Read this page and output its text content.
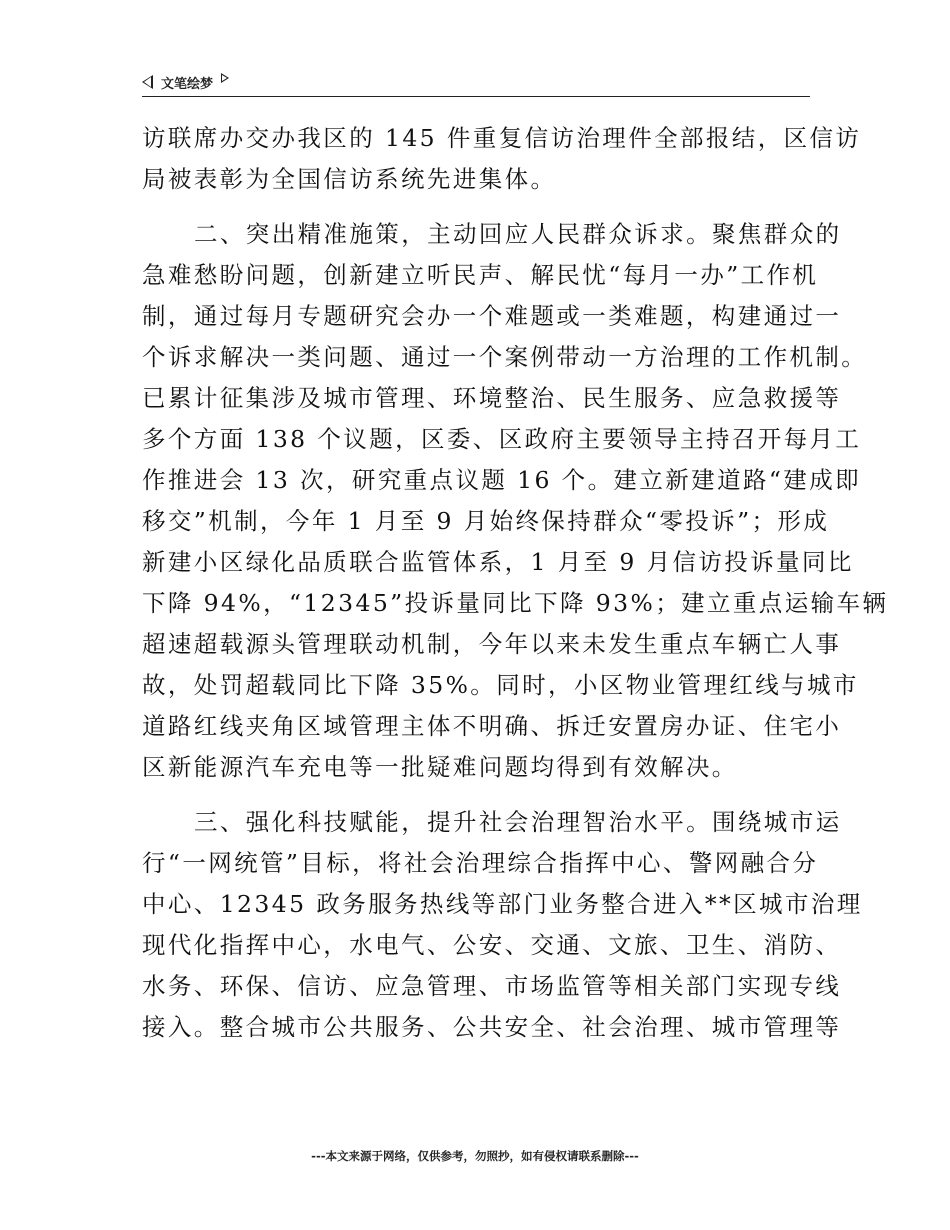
文笔绘梦

访联席办交办我区的 145 件重复信访治理件全部报结，区信访

局被表彰为全国信访系统先进集体。

二、突出精准施策，主动回应人民群众诉求。聚焦群众的

急难愁盼问题，创新建立听民声、解民忧“每月一办”工作机

制，通过每月专题研究会办一个难题或一类难题，构建通过一

个诉求解决一类问题、通过一个案例带动一方治理的工作机制。

已累计征集涉及城市管理、环境整治、民生服务、应急救援等

多个方面 138 个议题，区委、区政府主要领导主持召开每月工

作推进会 13 次，研究重点议题 16 个。建立新建道路“建成即

移交”机制，今年 1 月至 9 月始终保持群众“零投诉”；形成

新建小区绿化品质联合监管体系，1 月至 9 月信访投诉量同比

下降 94%，“12345”投诉量同比下降 93%；建立重点运输车辆

超速超载源头管理联动机制，今年以来未发生重点车辆亡人事

故，处罚超载同比下降 35%。同时，小区物业管理红线与城市

道路红线夹角区域管理主体不明确、拆迁安置房办证、住宅小

区新能源汽车充电等一批疑难问题均得到有效解决。

三、强化科技赋能，提升社会治理智治水平。围绕城市运

行“一网统管”目标，将社会治理综合指挥中心、警网融合分

中心、12345 政务服务热线等部门业务整合进入**区城市治理

现代化指挥中心，水电气、公安、交通、文旅、卫生、消防、

水务、环保、信访、应急管理、市场监管等相关部门实现专线

接入。整合城市公共服务、公共安全、社会治理、城市管理等

---本文来源于网络，仅供参考，勿照抄，如有侵权请联系删除---
